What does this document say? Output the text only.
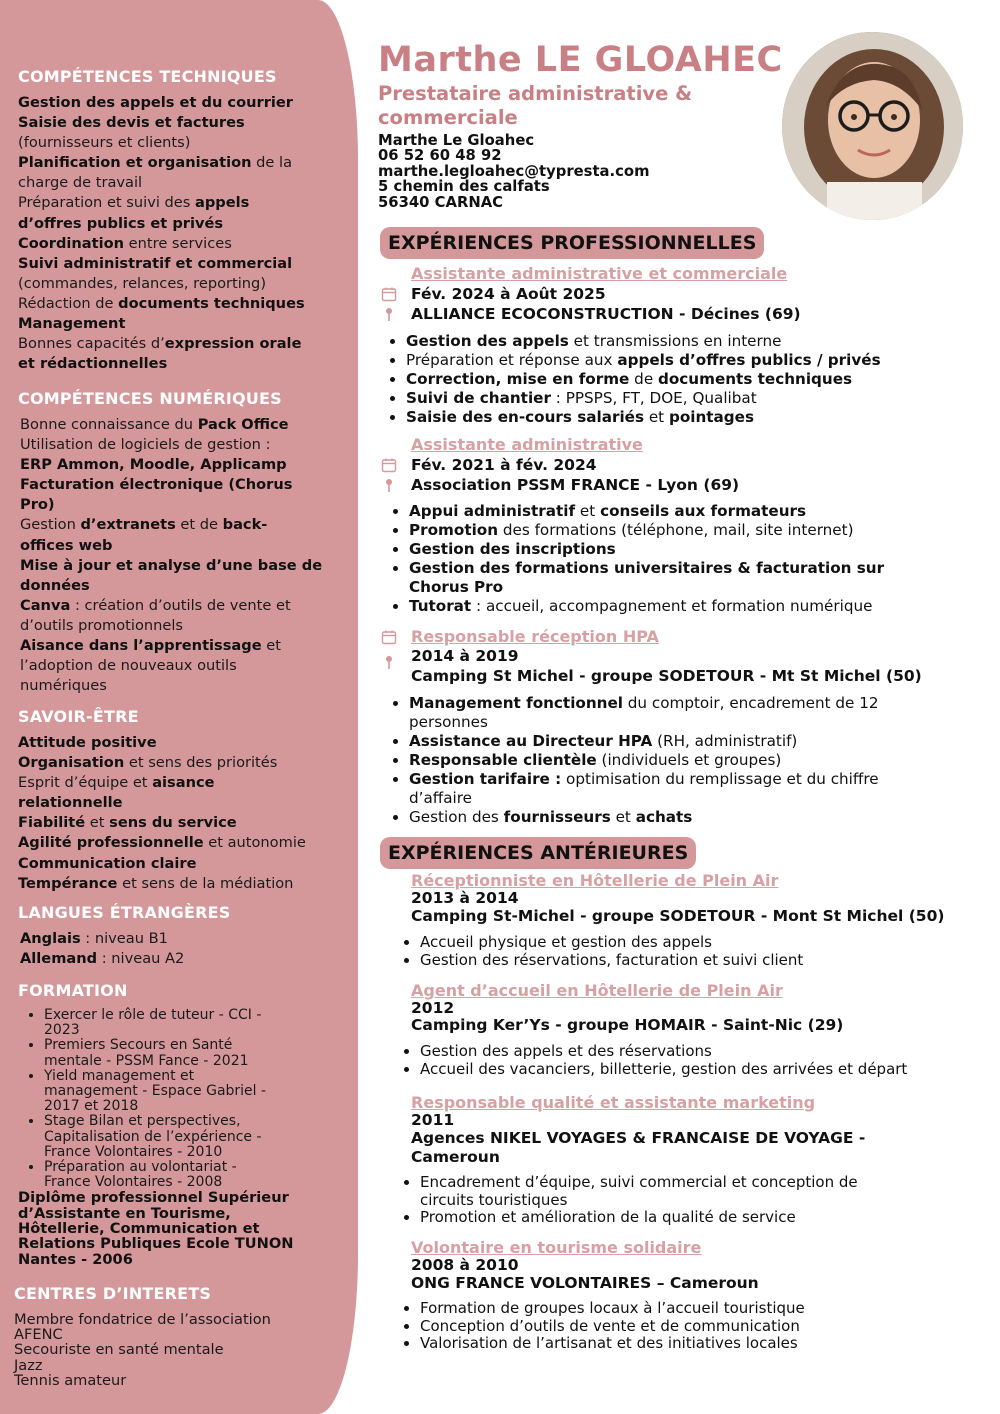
COMPÉTENCES TECHNIQUES
Gestion des appels et du courrier
Saisie des devis et factures
(fournisseurs et clients)
Planification et organisation de la
charge de travail
Préparation et suivi des appels
d’offres publics et privés
Coordination entre services
Suivi administratif et commercial
(commandes, relances, reporting)
Rédaction de documents techniques
Management
Bonnes capacités d’expression orale
et rédactionnelles
COMPÉTENCES NUMÉRIQUES
Bonne connaissance du Pack Office
Utilisation de logiciels de gestion :
ERP Ammon, Moodle, Applicamp
Facturation électronique (Chorus
Pro)
Gestion d’extranets et de back-
offices web
Mise à jour et analyse d’une base de
données
Canva : création d’outils de vente et
d’outils promotionnels
Aisance dans l’apprentissage et
l’adoption de nouveaux outils
numériques
SAVOIR-ÊTRE
Attitude positive
Organisation et sens des priorités
Esprit d’équipe et aisance
relationnelle
Fiabilité et sens du service
Agilité professionnelle et autonomie
Communication claire
Tempérance et sens de la médiation
LANGUES ÉTRANGÈRES
Anglais : niveau B1
Allemand : niveau A2
FORMATION
• Exercer le rôle de tuteur - CCI -
2023
• Premiers Secours en Santé
mentale - PSSM Fance - 2021
• Yield management et
management - Espace Gabriel -
2017 et 2018
• Stage Bilan et perspectives,
Capitalisation de l’expérience -
France Volontaires - 2010
• Préparation au volontariat -
France Volontaires - 2008
Diplôme professionnel Supérieur
d’Assistante en Tourisme,
Hôtellerie, Communication et
Relations Publiques Ecole TUNON
Nantes - 2006
CENTRES D’INTERETS
Membre fondatrice de l’association
AFENC
Secouriste en santé mentale
Jazz
Tennis amateur
Marthe LE GLOAHEC
Prestataire administrative &
commerciale
Marthe Le Gloahec
06 52 60 48 92
marthe.legloahec@typresta.com
5 chemin des calfats
56340 CARNAC
EXPÉRIENCES PROFESSIONNELLES
Assistante administrative et commerciale
Fév. 2024 à Août 2025
ALLIANCE ECOCONSTRUCTION - Décines (69)
• Gestion des appels et transmissions en interne
• Préparation et réponse aux appels d’offres publics / privés
• Correction, mise en forme de documents techniques
• Suivi de chantier : PPSPS, FT, DOE, Qualibat
• Saisie des en-cours salariés et pointages
Assistante administrative
Fév. 2021 à fév. 2024
Association PSSM FRANCE - Lyon (69)
• Appui administratif et conseils aux formateurs
• Promotion des formations (téléphone, mail, site internet)
• Gestion des inscriptions
• Gestion des formations universitaires & facturation sur
Chorus Pro
• Tutorat : accueil, accompagnement et formation numérique
Responsable réception HPA
2014 à 2019
Camping St Michel - groupe SODETOUR - Mt St Michel (50)
• Management fonctionnel du comptoir, encadrement de 12
personnes
• Assistance au Directeur HPA (RH, administratif)
• Responsable clientèle (individuels et groupes)
• Gestion tarifaire : optimisation du remplissage et du chiffre
d’affaire
• Gestion des fournisseurs et achats
EXPÉRIENCES ANTÉRIEURES
Réceptionniste en Hôtellerie de Plein Air
2013 à 2014
Camping St-Michel - groupe SODETOUR - Mont St Michel (50)
• Accueil physique et gestion des appels
• Gestion des réservations, facturation et suivi client
Agent d’accueil en Hôtellerie de Plein Air
2012
Camping Ker’Ys - groupe HOMAIR - Saint-Nic (29)
• Gestion des appels et des réservations
• Accueil des vacanciers, billetterie, gestion des arrivées et départ
Responsable qualité et assistante marketing
2011
Agences NIKEL VOYAGES & FRANCAISE DE VOYAGE -
Cameroun
• Encadrement d’équipe, suivi commercial et conception de
circuits touristiques
• Promotion et amélioration de la qualité de service
Volontaire en tourisme solidaire
2008 à 2010
ONG FRANCE VOLONTAIRES – Cameroun
• Formation de groupes locaux à l’accueil touristique
• Conception d’outils de vente et de communication
• Valorisation de l’artisanat et des initiatives locales
